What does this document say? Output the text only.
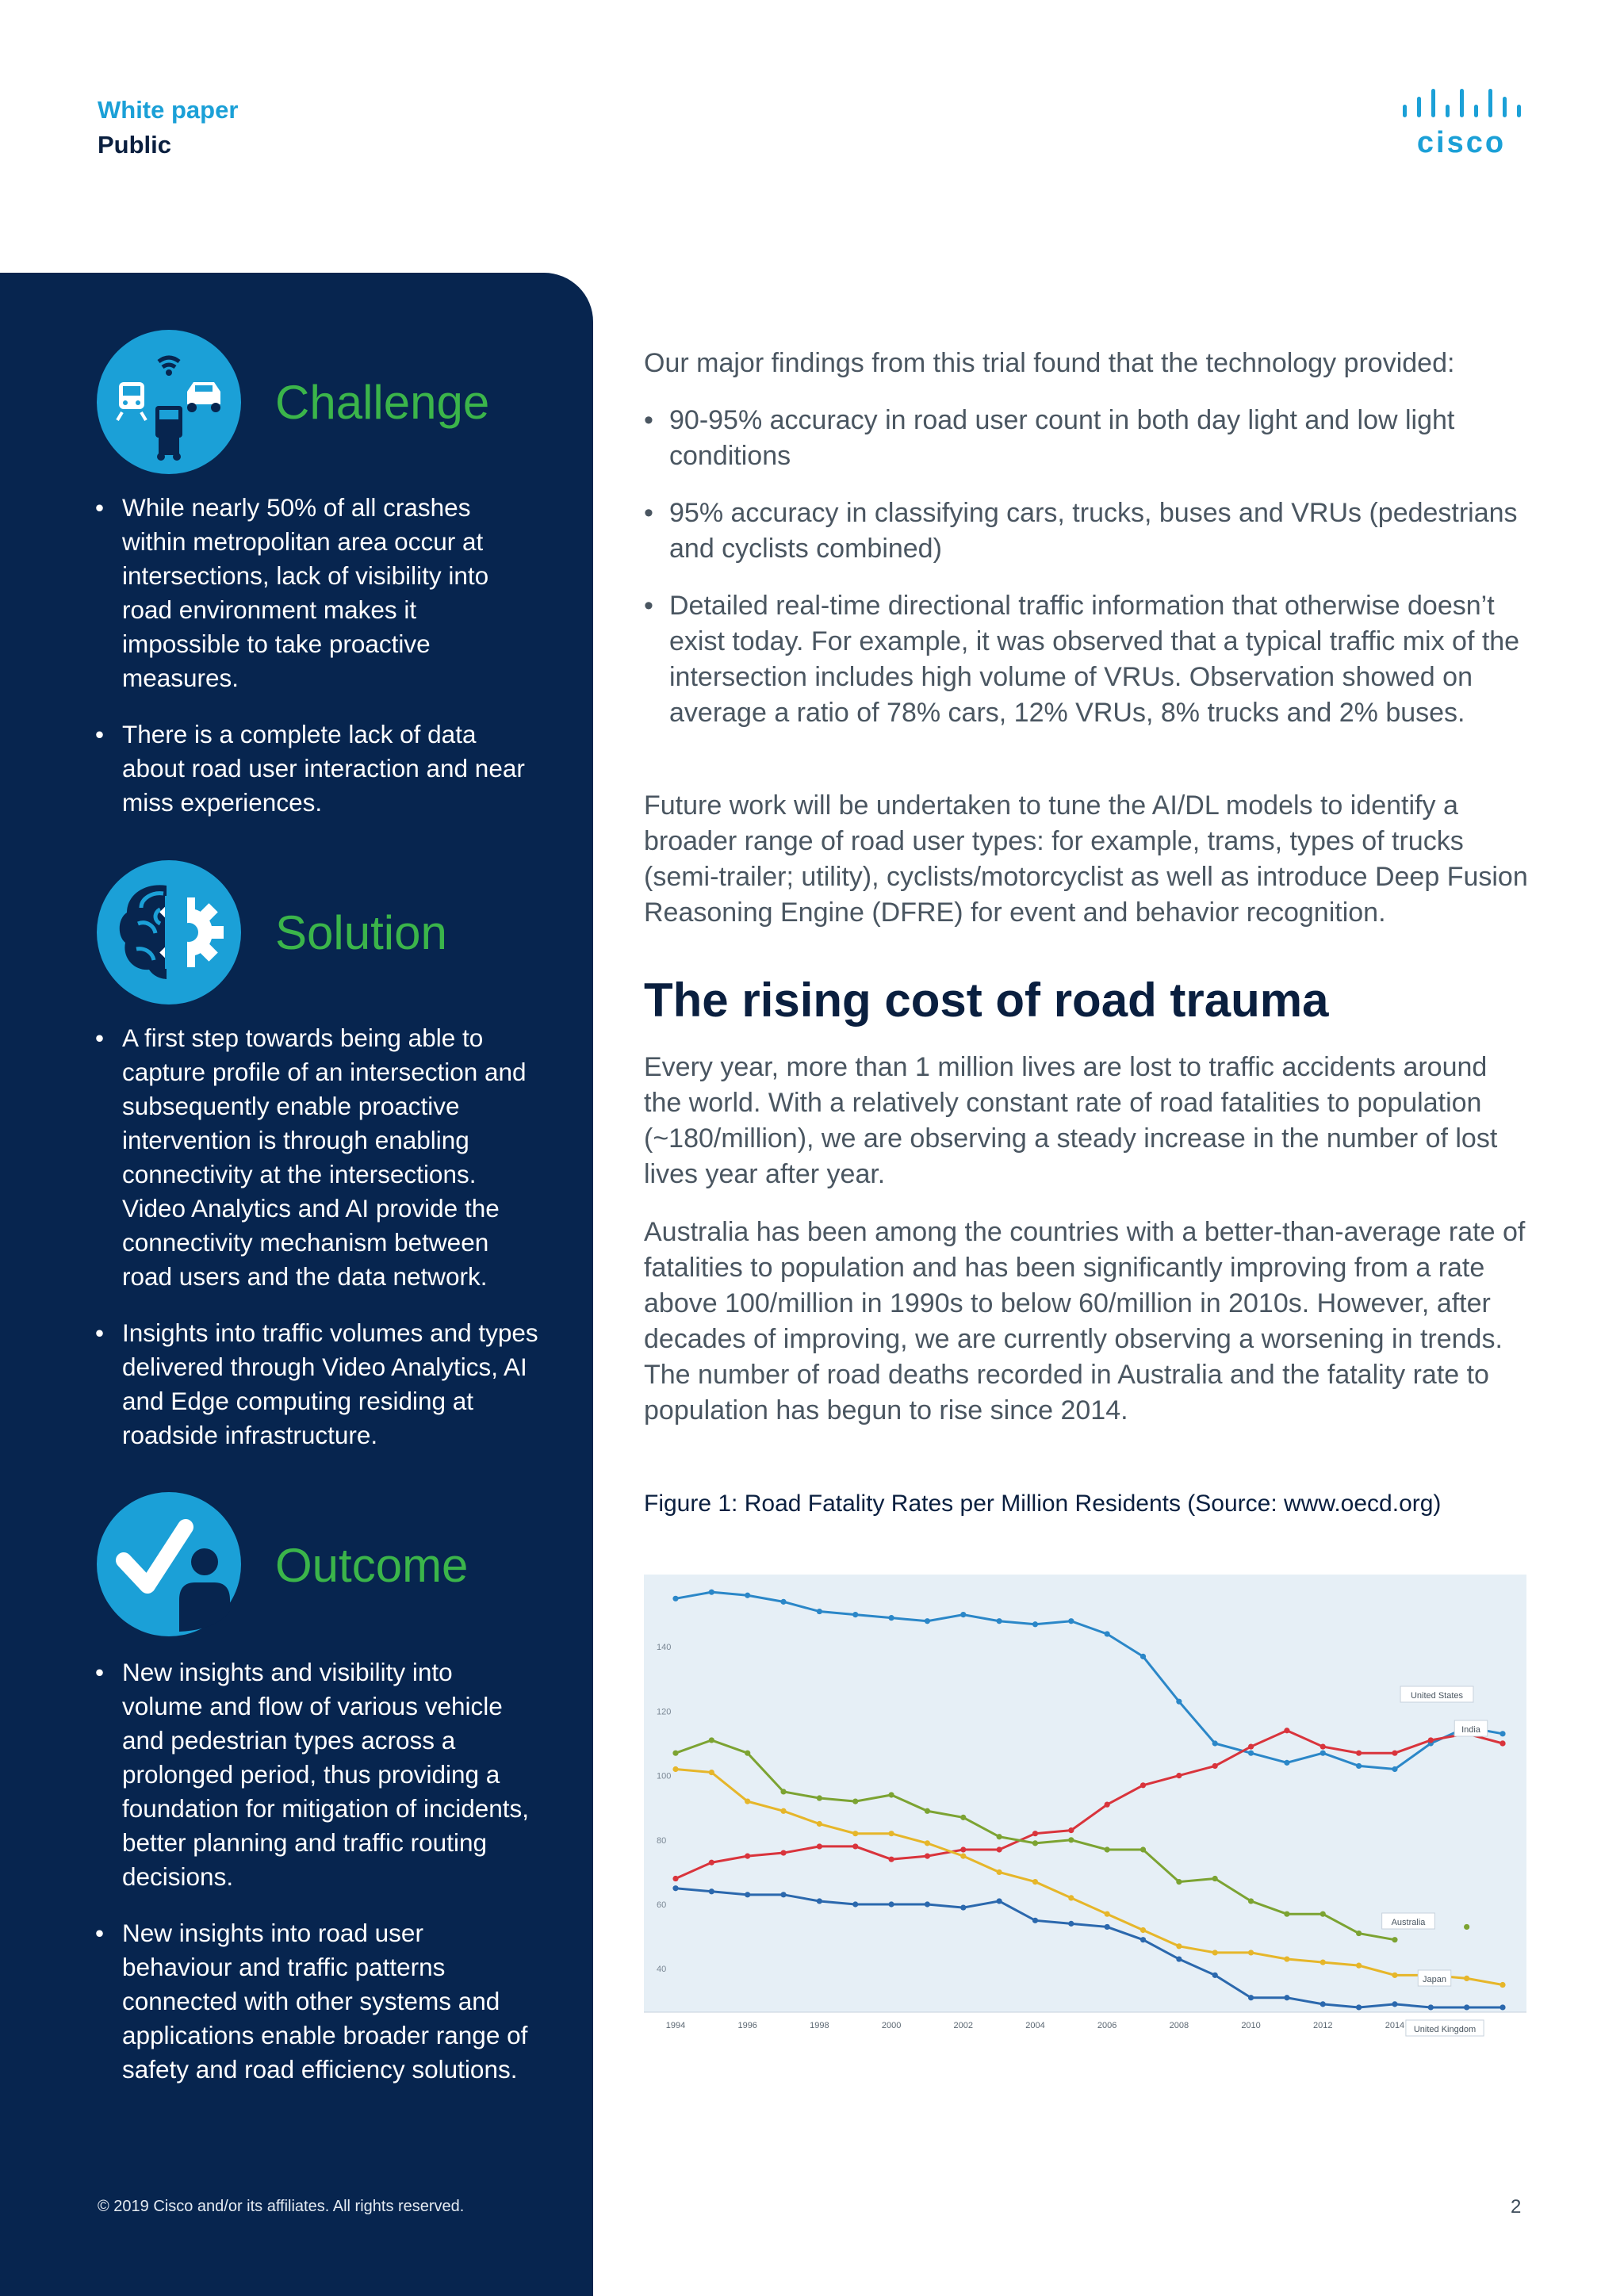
White paper
Public	cisco
Challenge
• While nearly 50% of all crashes within metropolitan area occur at intersections, lack of visibility into road environment makes it impossible to take proactive measures.
• There is a complete lack of data about road user interaction and near miss experiences.
Solution
• A first step towards being able to capture profile of an intersection and subsequently enable proactive intervention is through enabling connectivity at the intersections. Video Analytics and AI provide the connectivity mechanism between road users and the data network.
• Insights into traffic volumes and types delivered through Video Analytics, AI and Edge computing residing at roadside infrastructure.
Outcome
• New insights and visibility into volume and flow of various vehicle and pedestrian types across a prolonged period, thus providing a foundation for mitigation of incidents, better planning and traffic routing decisions.
• New insights into road user behaviour and traffic patterns connected with other systems and applications enable broader range of safety and road efficiency solutions.
© 2019 Cisco and/or its affiliates. All rights reserved.

Our major findings from this trial found that the technology provided:

• 90-95% accuracy in road user count in both day light and low light conditions
• 95% accuracy in classifying cars, trucks, buses and VRUs (pedestrians and cyclists combined)
• Detailed real-time directional traffic information that otherwise doesn’t exist today. For example, it was observed that a typical traffic mix of the intersection includes high volume of VRUs. Observation showed on average a ratio of 78% cars, 12% VRUs, 8% trucks and 2% buses.

Future work will be undertaken to tune the AI/DL models to identify a broader range of road user types: for example, trams, types of trucks (semi-trailer; utility), cyclists/motorcyclist as well as introduce Deep Fusion Reasoning Engine (DFRE) for event and behavior recognition.

The rising cost of road trauma

Every year, more than 1 million lives are lost to traffic accidents around the world. With a relatively constant rate of road fatalities to population (~180/million), we are observing a steady increase in the number of lost lives year after year.

Australia has been among the countries with a better-than-average rate of fatalities to population and has been significantly improving from a rate above 100/million in 1990s to below 60/million in 2010s. However, after decades of improving, we are currently observing a worsening in trends. The number of road deaths recorded in Australia and the fatality rate to population has begun to rise since 2014.

Figure 1: Road Fatality Rates per Million Residents (Source: www.oecd.org)

40
60
80
100
120
140
1994	1996	1998	2000	2002	2004	2006	2008	2010	2012	2014
United States
India
Australia
Japan
United Kingdom
2
